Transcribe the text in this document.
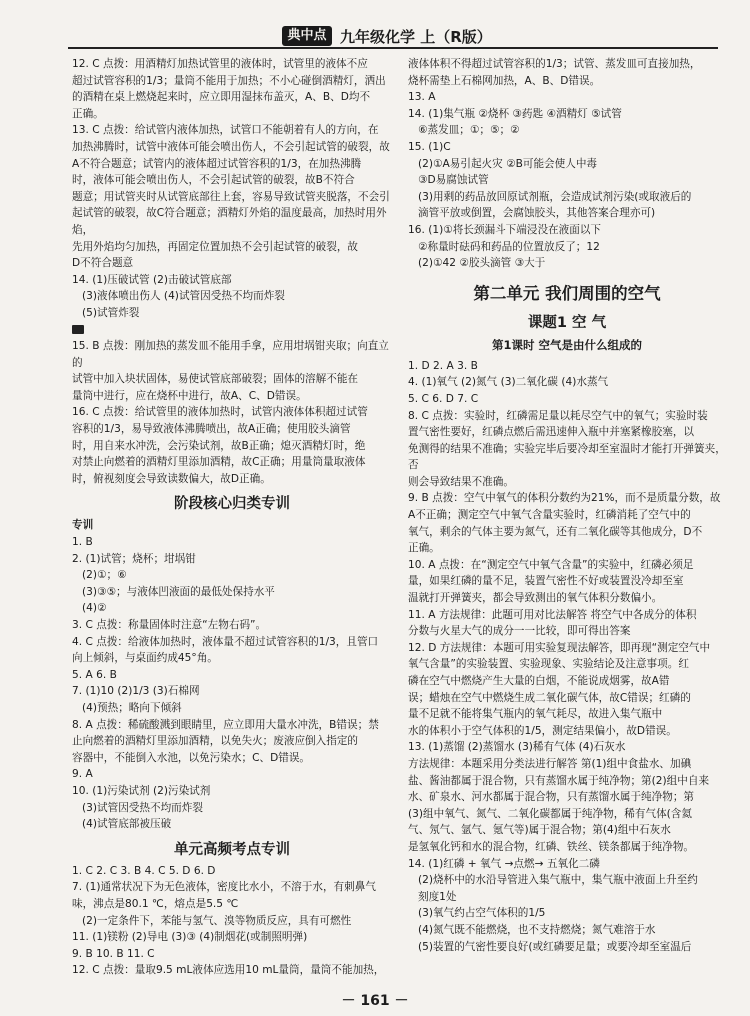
典中点 九年级化学 上（R版）

12. C 点拨：用酒精灯加热试管里的液体时，试管里的液体不应

超过试管容积的1/3；量筒不能用于加热；不小心碰倒酒精灯，洒出

的酒精在桌上燃烧起来时，应立即用湿抹布盖灭，A、B、D均不

正确。

13. C 点拨：给试管内液体加热，试管口不能朝着有人的方向，在

加热沸腾时，试管中液体可能会喷出伤人，不会引起试管的破裂，故

A不符合题意；试管内的液体超过试管容积的1/3，在加热沸腾

时，液体可能会喷出伤人，不会引起试管的破裂，故B不符合

题意；用试管夹时从试管底部往上套，容易导致试管夹脱落，不会引

起试管的破裂，故C符合题意；酒精灯外焰的温度最高，加热时用外焰，

先用外焰均匀加热，再固定位置加热不会引起试管的破裂，故

D不符合题意

14. (1)压破试管 (2)击破试管底部

(3)液体喷出伤人 (4)试管因受热不均而炸裂

(5)试管炸裂

15. B 点拨：刚加热的蒸发皿不能用手拿，应用坩埚钳夹取；向直立的

试管中加入块状固体，易使试管底部破裂；固体的溶解不能在

量筒中进行，应在烧杯中进行，故A、C、D错误。

16. C 点拨：给试管里的液体加热时，试管内液体体积超过试管

容积的1/3，易导致液体沸腾喷出，故A正确；使用胶头滴管

时，用自来水冲洗，会污染试剂，故B正确；熄灭酒精灯时，绝

对禁止向燃着的酒精灯里添加酒精，故C正确；用量筒量取液体

时，俯视刻度会导致读数偏大，故D正确。

阶段核心归类专训

专训

1. B

2. (1)试管；烧杯；坩埚钳

(2)①；⑥

(3)③⑤；与液体凹液面的最低处保持水平

(4)②

3. C 点拨：称量固体时注意“左物右码”。

4. C 点拨：给液体加热时，液体量不超过试管容积的1/3，且管口

向上倾斜，与桌面约成45°角。

5. A 6. B

7. (1)10 (2)1/3 (3)石棉网

(4)预热；略向下倾斜

8. A 点拨：稀硫酸溅到眼睛里，应立即用大量水冲洗，B错误；禁

止向燃着的酒精灯里添加酒精，以免失火；废液应倒入指定的

容器中，不能倒入水池，以免污染水；C、D错误。

9. A

10. (1)污染试剂 (2)污染试剂

(3)试管因受热不均而炸裂

(4)试管底部被压破

单元高频考点专训

1. C 2. C 3. B 4. C 5. D 6. D

7. (1)通常状况下为无色液体，密度比水小，不溶于水，有刺鼻气

味，沸点是80.1 ℃，熔点是5.5 ℃

(2)一定条件下，苯能与氢气、溴等物质反应，具有可燃性

11. (1)镁粉 (2)导电 (3)③ (4)制烟花(或制照明弹)

9. B 10. B 11. C

12. C 点拨：量取9.5 mL液体应选用10 mL量筒，量筒不能加热，

液体体积不得超过试管容积的1/3；试管、蒸发皿可直接加热，

烧杯需垫上石棉网加热，A、B、D错误。

13. A

14. (1)集气瓶 ②烧杯 ③药匙 ④酒精灯 ⑤试管

⑥蒸发皿；①；⑤；②

15. (1)C

(2)①A易引起火灾 ②B可能会使人中毒

③D易腐蚀试管

(3)用剩的药品放回原试剂瓶，会造成试剂污染(或取液后的

滴管平放或倒置，会腐蚀胶头，其他答案合理亦可)

16. (1)①将长颈漏斗下端浸没在液面以下

②称量时砝码和药品的位置放反了；12

(2)①42 ②胶头滴管 ③大于

第二单元 我们周围的空气
课题1 空 气
第1课时 空气是由什么组成的

1. D 2. A 3. B

4. (1)氧气 (2)氮气 (3)二氧化碳 (4)水蒸气

5. C 6. D 7. C

8. C 点拨：实验时，红磷需足量以耗尽空气中的氧气；实验时装

置气密性要好，红磷点燃后需迅速伸入瓶中并塞紧橡胶塞，以

免测得的结果不准确；实验完毕后要冷却至室温时才能打开弹簧夹，否

则会导致结果不准确。

9. B 点拨：空气中氧气的体积分数约为21%，而不是质量分数，故

A不正确；测定空气中氧气含量实验时，红磷消耗了空气中的

氧气，剩余的气体主要为氮气，还有二氧化碳等其他成分，D不

正确。

10. A 点拨：在“测定空气中氧气含量”的实验中，红磷必须足

量，如果红磷的量不足，装置气密性不好或装置没冷却至室

温就打开弹簧夹，都会导致测出的氧气体积分数偏小。

11. A 方法规律：此题可用对比法解答 将空气中各成分的体积

分数与火星大气的成分一一比较，即可得出答案

12. D 方法规律：本题可用实验复现法解答，即再现“测定空气中

氧气含量”的实验装置、实验现象、实验结论及注意事项。红

磷在空气中燃烧产生大量的白烟，不能说成烟雾，故A错

误；蜡烛在空气中燃烧生成二氧化碳气体，故C错误；红磷的

量不足就不能将集气瓶内的氧气耗尽，故进入集气瓶中

水的体积小于空气体积的1/5，测定结果偏小，故D错误。

13. (1)蒸馏 (2)蒸馏水 (3)稀有气体 (4)石灰水

方法规律：本题采用分类法进行解答 第(1)组中食盐水、加碘

盐、酱油都属于混合物，只有蒸馏水属于纯净物；第(2)组中自来

水、矿泉水、河水都属于混合物，只有蒸馏水属于纯净物；第

(3)组中氧气、氮气、二氧化碳都属于纯净物，稀有气体(含氦

气、氖气、氩气、氪气等)属于混合物；第(4)组中石灰水

是氢氧化钙和水的混合物，红磷、铁丝、镁条都属于纯净物。

14. (1)红磷 + 氧气 →点燃→ 五氧化二磷

(2)烧杯中的水沿导管进入集气瓶中，集气瓶中液面上升至约

刻度1处

(3)氧气约占空气体积的1/5

(4)氮气既不能燃烧，也不支持燃烧；氮气难溶于水

(5)装置的气密性要良好(或红磷要足量；或要冷却至室温后

－ 161 －
